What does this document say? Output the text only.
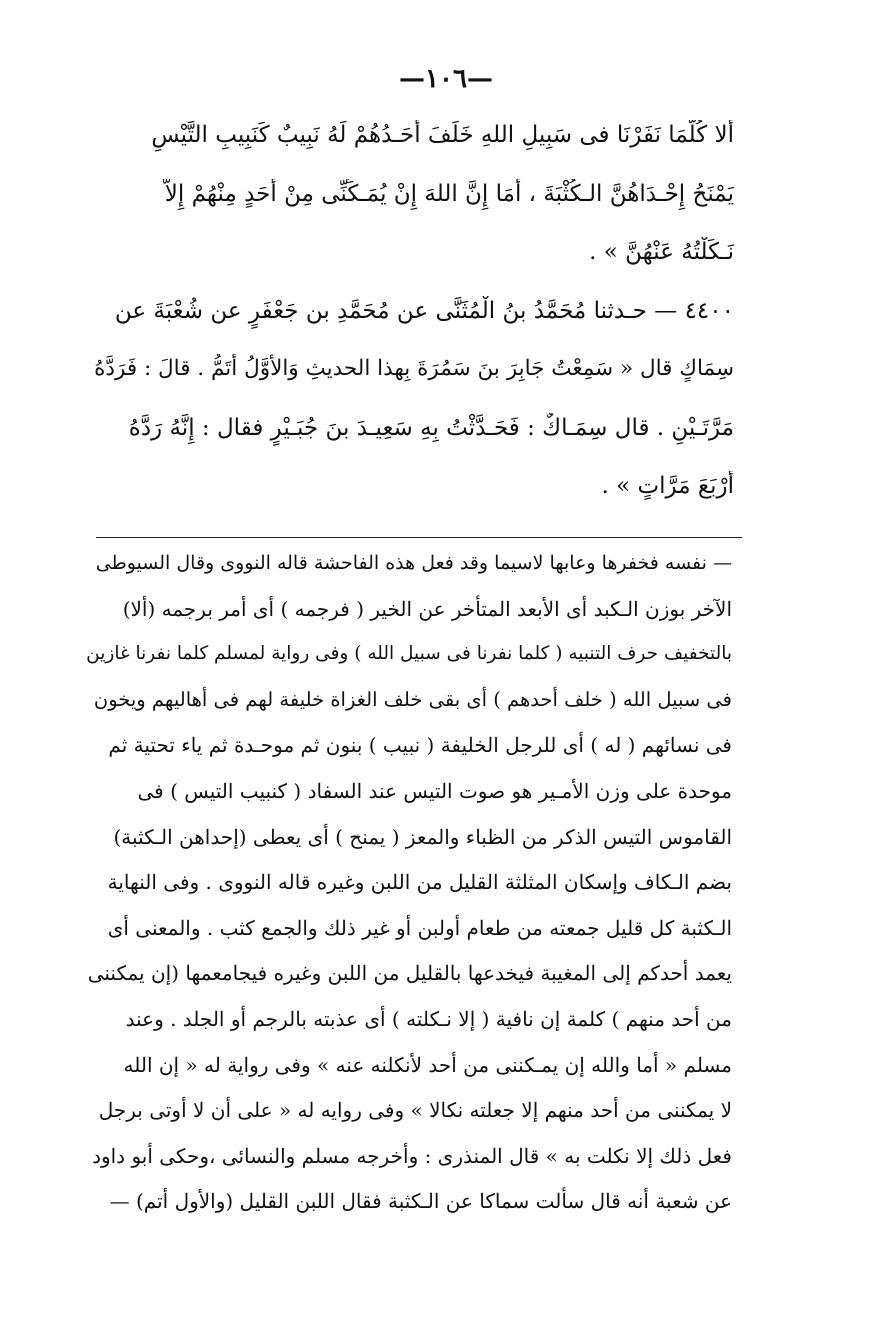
—١٠٦—
ألا كُلَّمَا نَفَرْنَا فى سَبِيلِ اللهِ خَلَفَ أَحَـدُهُمْ لَهُ نَبِيبٌ كَنَبِيبِ التَّيْسِ
يَمْنَحُ إِحْـدَاهُنَّ الـكُثْبَةَ ، أَمَا إِنَّ اللهَ إِنْ يُمَـكِّنِّى مِنْ أَحَدٍ مِنْهُمْ إِلاَّ
نَـكَلْتُهُ عَنْهُنَّ » .
٤٤٠٠ — حـدثنا مُحَمَّدُ بنُ الْمُثَنَّى عن مُحَمَّدِ بن جَعْفَرٍ عن شُعْبَةَ عن
سِمَاكٍ قال « سَمِعْتُ جَابِرَ بنَ سَمُرَةَ بِهذا الحديثِ وَالأَوَّلُ أَتَمُّ . قالَ : فَرَدَّهُ
مَرَّتَـيْنِ . قال سِمَـاكٌ : فَحَـدَّثْتُ بِهِ سَعِيـدَ بنَ جُبَـيْرٍ فقال : إِنَّهُ رَدَّهُ
أَرْبَعَ مَرَّاتٍ » .
— نفسه فخفرها وعابها لاسيما وقد فعل هذه الفاحشة قاله النووى وقال السيوطى
الآخر بوزن الـكبد أى الأبعد المتأخر عن الخير ( فرجمه ) أى أمر برجمه (ألا)
بالتخفيف حرف التنبيه ( كلما نفرنا فى سبيل الله ) وفى رواية لمسلم كلما نفرنا غازين
فى سبيل الله ( خلف أحدهم ) أى بقى خلف الغزاة خليفة لهم فى أهاليهم ويخون
فى نسائهم ( له ) أى للرجل الخليفة ( نبيب ) بنون ثم موحـدة ثم ياء تحتية ثم
موحدة على وزن الأمـير هو صوت التيس عند السفاد ( كنبيب التيس ) فى
القاموس التيس الذكر من الظباء والمعز ( يمنح ) أى يعطى (إحداهن الـكثبة)
بضم الـكاف وإسكان المثلثة القليل من اللبن وغيره قاله النووى . وفى النهاية
الـكثبة كل قليل جمعته من طعام أولبن أو غير ذلك والجمع كثب . والمعنى أى
يعمد أحدكم إلى المغيبة فيخدعها بالقليل من اللبن وغيره فيجامعمها (إن يمكننى
من أحد منهم ) كلمة إن نافية ( إلا نـكلته ) أى عذبته بالرجم أو الجلد . وعند
مسلم « أما والله إن يمـكننى من أحد لأنكلنه عنه » وفى رواية له « إن الله
لا يمكننى من أحد منهم إلا جعلته نكالا » وفى روايه له « على أن لا أوتى برجل
فعل ذلك إلا نكلت به » قال المنذرى : وأخرجه مسلم والنسائى ،وحكى أبو داود
عن شعبة أنه قال سألت سماكا عن الـكثبة فقال اللبن القليل (والأول أتم) —
